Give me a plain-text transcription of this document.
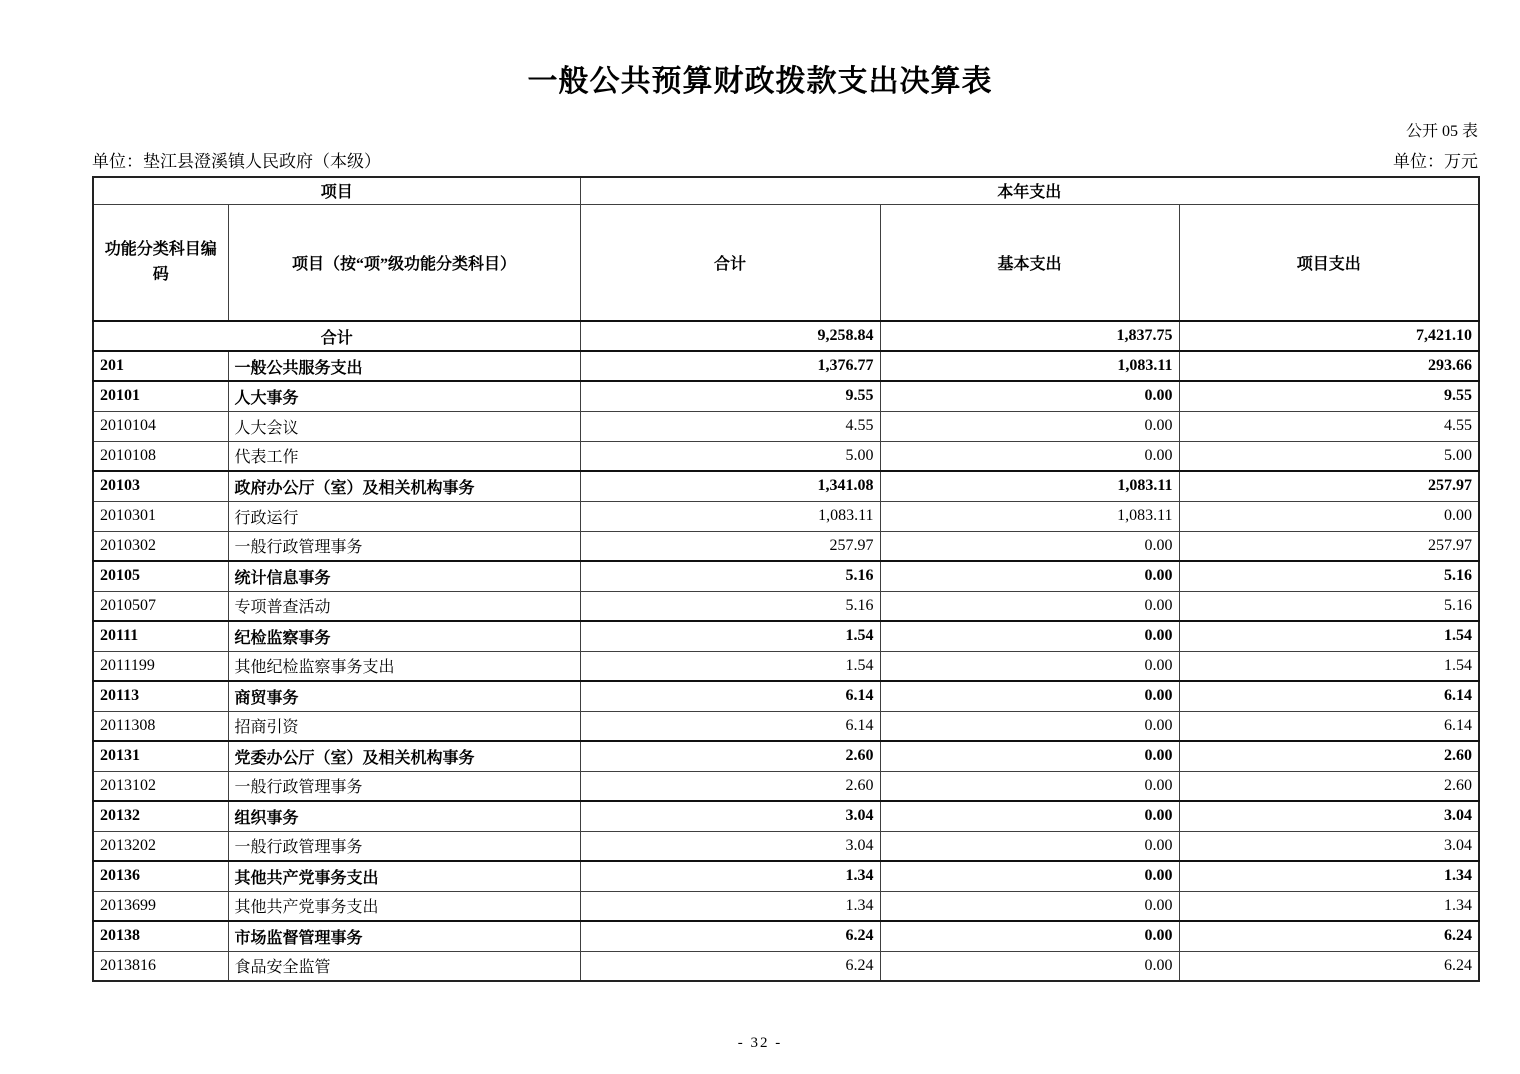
一般公共预算财政拨款支出决算表
公开 05 表
单位：垫江县澄溪镇人民政府（本级）	单位：万元
项目		本年支出		
功能分类科目编码	项目（按“项”级功能分类科目）	合计	基本支出	项目支出
合计		9,258.84	1,837.75	7,421.10
201	一般公共服务支出	1,376.77	1,083.11	293.66
20101	人大事务	9.55	0.00	9.55
2010104	人大会议	4.55	0.00	4.55
2010108	代表工作	5.00	0.00	5.00
20103	政府办公厅（室）及相关机构事务	1,341.08	1,083.11	257.97
2010301	行政运行	1,083.11	1,083.11	0.00
2010302	一般行政管理事务	257.97	0.00	257.97
20105	统计信息事务	5.16	0.00	5.16
2010507	专项普查活动	5.16	0.00	5.16
20111	纪检监察事务	1.54	0.00	1.54
2011199	其他纪检监察事务支出	1.54	0.00	1.54
20113	商贸事务	6.14	0.00	6.14
2011308	招商引资	6.14	0.00	6.14
20131	党委办公厅（室）及相关机构事务	2.60	0.00	2.60
2013102	一般行政管理事务	2.60	0.00	2.60
20132	组织事务	3.04	0.00	3.04
2013202	一般行政管理事务	3.04	0.00	3.04
20136	其他共产党事务支出	1.34	0.00	1.34
2013699	其他共产党事务支出	1.34	0.00	1.34
20138	市场监督管理事务	6.24	0.00	6.24
2013816	食品安全监管	6.24	0.00	6.24
- 32 -
